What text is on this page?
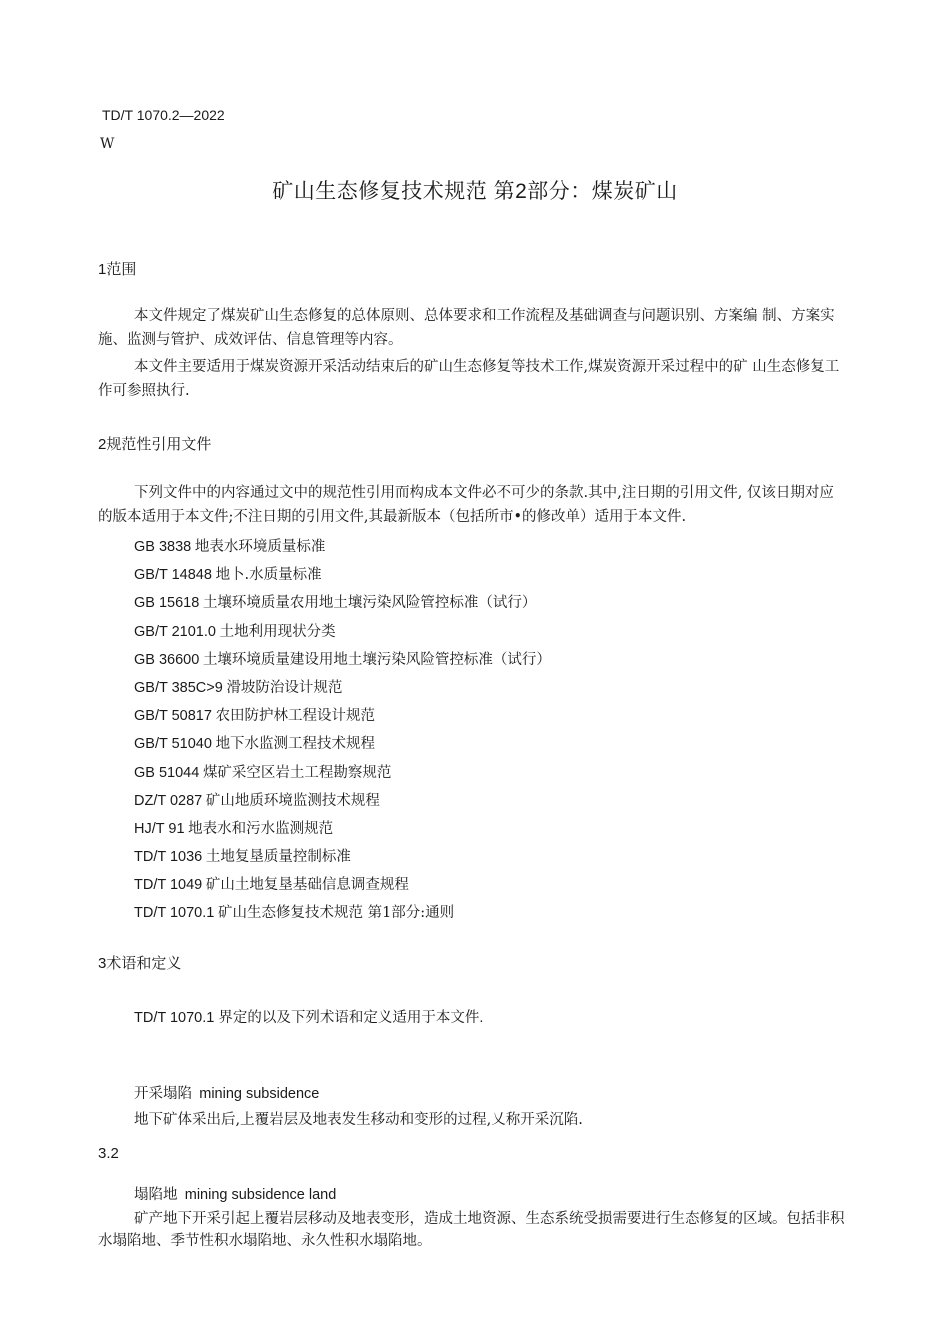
TD/T 1070.2—2022
W
矿山生态修复技术规范 第2部分：煤炭矿山
1范围
本文件规定了煤炭矿山生态修复的总体原则、总体要求和工作流程及基础调查与问题识别、方案编 制、方案实施、监测与管护、成效评估、信息管理等内容。
本文件主要适用于煤炭资源开采活动结束后的矿山生态修复等技术工作,煤炭资源开采过程中的矿 山生态修复工作可参照执行.
2规范性引用文件
下列文件中的内容通过文中的规范性引用而构成本文件必不可少的条款.其中,注日期的引用文件, 仅该日期对应的版本适用于本文件;不注日期的引用文件,其最新版本（包括所市•的修改单）适用于本文件.
GB 3838 地表水环境质量标准
GB/T 14848 地卜.水质量标准
GB 15618 土壤环境质量农用地土壤污染风险管控标准（试行）
GB/T 2101.0 土地利用现状分类
GB 36600 土壤环境质量建设用地土壤污染风险管控标准（试行）
GB/T 385C>9 滑坡防治设计规范
GB/T 50817 农田防护林工程设计规范
GB/T 51040 地下水监测工程技术规程
GB 51044 煤矿采空区岩土工程勘察规范
DZ/T 0287 矿山地质环境监测技术规程
HJ/T 91 地表水和污水监测规范
TD/T 1036 土地复垦质量控制标准
TD/T 1049 矿山土地复垦基础信息调查规程
TD/T 1070.1 矿山生态修复技术规范 第1部分:通则
3术语和定义
TD/T 1070.1 界定的以及下列术语和定义适用于本文件.
开采塌陷 mining subsidence
地下矿体采出后,上覆岩层及地表发生移动和变形的过程,乂称开采沉陷.
3.2
塌陷地 mining subsidence land
矿产地下开采引起上覆岩层移动及地表变形，造成土地资源、生态系统受损需要进行生态修复的区域。包括非积水塌陷地、季节性积水塌陷地、永久性积水塌陷地。
